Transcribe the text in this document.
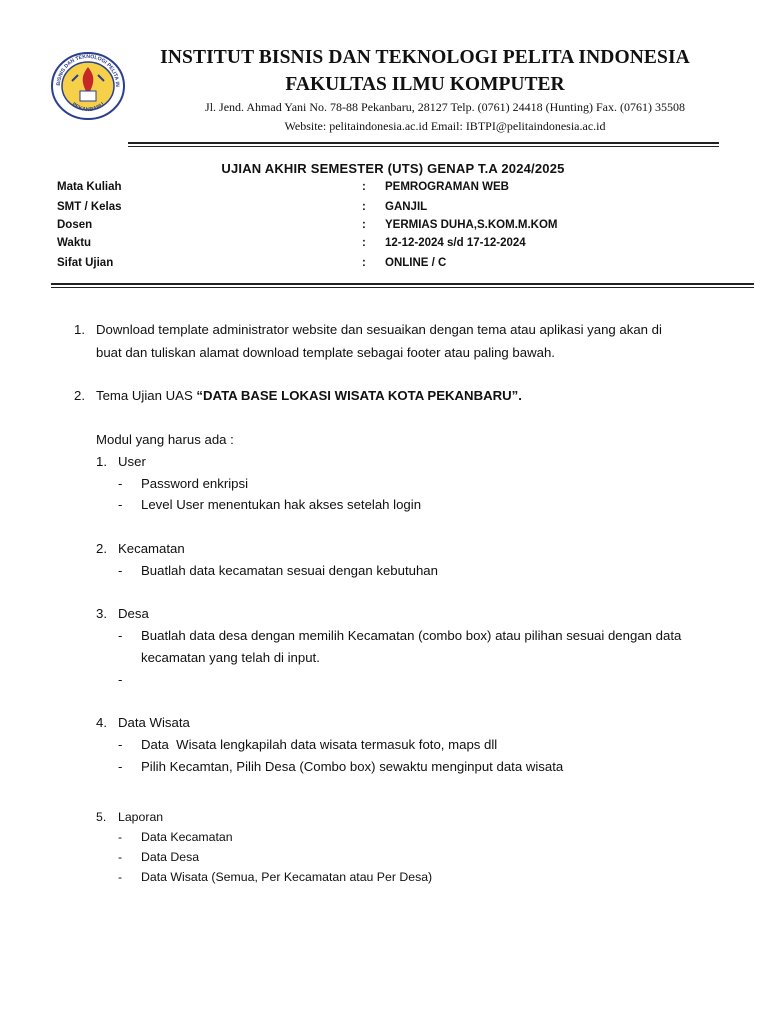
BISNIS DAN TEKNOLOGI PELITA IN
PEKANBARU
INSTITUT BISNIS DAN TEKNOLOGI PELITA INDONESIA
FAKULTAS ILMU KOMPUTER
Jl. Jend. Ahmad Yani No. 78-88 Pekanbaru, 28127 Telp. (0761) 24418 (Hunting) Fax. (0761) 35508
Website: pelitaindonesia.ac.id Email: IBTPI@pelitaindonesia.ac.id
UJIAN AKHIR SEMESTER (UTS) GENAP T.A 2024/2025
Mata Kuliah	: PEMROGRAMAN WEB
SMT / Kelas	: GANJIL
Dosen	: YERMIAS DUHA,S.KOM.M.KOM
Waktu	: 12-12-2024 s/d 17-12-2024
Sifat Ujian	: ONLINE / C
1. Download template administrator website dan sesuaikan dengan tema atau aplikasi yang akan di
buat dan tuliskan alamat download template sebagai footer atau paling bawah.
2. Tema Ujian UAS “DATA BASE LOKASI WISATA KOTA PEKANBARU”.
Modul yang harus ada :
1. User
- Password enkripsi
- Level User menentukan hak akses setelah login
2. Kecamatan
- Buatlah data kecamatan sesuai dengan kebutuhan
3. Desa
- Buatlah data desa dengan memilih Kecamatan (combo box) atau pilihan sesuai dengan data
kecamatan yang telah di input.
-
4. Data Wisata
- Data  Wisata lengkapilah data wisata termasuk foto, maps dll
- Pilih Kecamtan, Pilih Desa (Combo box) sewaktu menginput data wisata
5. Laporan
- Data Kecamatan
- Data Desa
- Data Wisata (Semua, Per Kecamatan atau Per Desa)
